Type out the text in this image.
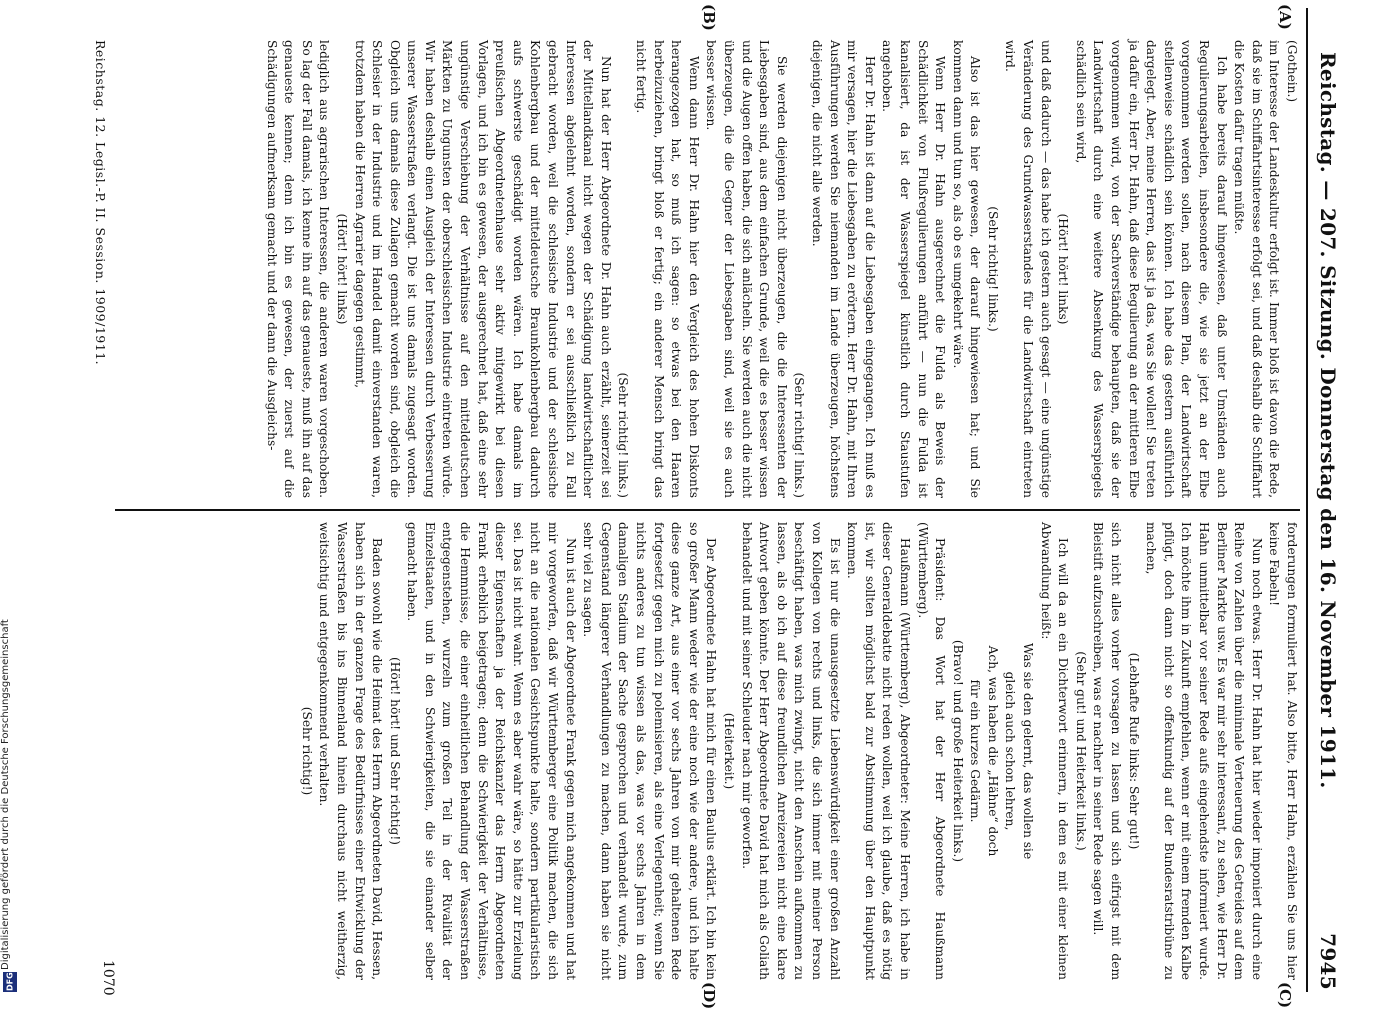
Reichstag. — 207. Sitzung. Donnerstag den 16. November 1911.
7945
(A)
(B)
(C)
(D)

(Gothein.)

im Interesse der Landeskultur erfolgt ist. Immer bloß ist davon die Rede, daß sie im Schiffahrtsinteresse erfolgt sei, und daß deshalb die Schiffahrt die Kosten dafür tragen müßte.

Ich habe bereits darauf hingewiesen, daß unter Umständen auch Regulierungsarbeiten, insbesondere die, wie sie jetzt an der Elbe vorgenommen werden sollen, nach diesem Plan, der Landwirtschaft stellenweise schädlich sein können. Ich habe das gestern ausführlich dargelegt. Aber, meine Herren, das ist ja das, was Sie wollen! Sie treten ja dafür ein, Herr Dr. Hahn, daß diese Regulierung an der mittleren Elbe vorgenommen wird, von der Sachverständige behaupten, daß sie der Landwirtschaft durch eine weitere Absenkung des Wasserspiegels schädlich sein wird,

(Hört! hört! links)

und daß dadurch — das habe ich gestern auch gesagt — eine ungünstige Veränderung des Grundwasserstandes für die Landwirtschaft eintreten wird.

(Sehr richtig! links.)

Also ist das hier gewesen, der darauf hingewiesen hat; und Sie kommen dann und tun so, als ob es umgekehrt wäre.

Wenn Herr Dr. Hahn ausgerechnet die Fulda als Beweis der Schädlichkeit von Flußregulierungen anführt — nun die Fulda ist kanalisiert, da ist der Wasserspiegel künstlich durch Staustufen angehoben.

Herr Dr. Hahn ist dann auf die Liebesgaben eingegangen. Ich muß es mir versagen, hier die Liebesgaben zu erörtern. Herr Dr. Hahn, mit Ihren Ausführungen werden Sie niemanden im Lande überzeugen, höchstens diejenigen, die nicht alle werden.

(Sehr richtig! links.)

Sie werden diejenigen nicht überzeugen, die die Interessenten der Liebesgaben sind, aus dem einfachen Grunde, weil die es besser wissen und die Augen offen haben, die sich anlächeln. Sie werden auch die nicht überzeugen, die die Gegner der Liebesgaben sind, weil sie es auch besser wissen.

Wenn dann Herr Dr. Hahn hier den Vergleich des hohen Diskonts herangezogen hat, so muß ich sagen: so etwas bei den Haaren herbeizuziehen, bringt bloß er fertig; ein anderer Mensch bringt das nicht fertig.

(Sehr richtig! links.)

Nun hat der Herr Abgeordnete Dr. Hahn auch erzählt, seinerzeit sei der Mittellandkanal nicht wegen der Schädigung landwirtschaftlicher Interessen abgelehnt worden, sondern er sei ausschließlich zu Fall gebracht worden, weil die schlesische Industrie und der schlesische Kohlenbergbau und der mitteldeutsche Braunkohlenbergbau dadurch aufs schwerste geschädigt worden wären. Ich habe damals im preußischen Abgeordnetenhause sehr aktiv mitgewirkt bei diesen Vorlagen, und ich bin es gewesen, der ausgerechnet hat, daß eine sehr ungünstige Verschiebung der Verhältnisse auf den mitteldeutschen Märkten zu Ungunsten der oberschlesischen Industrie eintreten würde. Wir haben deshalb einen Ausgleich der Interessen durch Verbesserung unserer Wasserstraßen verlangt. Die ist uns damals zugesagt worden. Obgleich uns damals diese Zulagen gemacht worden sind, obgleich die Schlesier in der Industrie und im Handel damit einverstanden waren, trotzdem haben die Herren Agrarier dagegen gestimmt,

(Hört! hört! links)

lediglich aus agrarischen Interessen, die anderen waren vorgeschoben. So lag der Fall damals, ich kenne ihn auf das genaueste, muß ihn auf das genaueste kennen; denn ich bin es gewesen, der zuerst auf die Schädigungen aufmerksam gemacht und der dann die Ausgleichs-

forderungen formuliert hat. Also bitte, Herr Hahn, erzählen Sie uns hier keine Fabeln!

Nun noch etwas. Herr Dr. Hahn hat hier wieder imponiert durch eine Reihe von Zahlen über die minimale Verteuerung des Getreides auf dem Berliner Markte usw. Es war mir sehr interessant, zu sehen, wie Herr Dr. Hahn unmittelbar vor seiner Rede aufs eingehendste informiert wurde. Ich möchte ihm in Zukunft empfehlen, wenn er mit einem fremden Kalbe pflügt, doch dann nicht so offenkundig auf der Bundesratstribüne zu machen,

(Lebhafte Rufe links: Sehr gut!)

sich nicht alles vorher vorsagen zu lassen und sich eifrigst mit dem Bleistift aufzuschreiben, was er nachher in seiner Rede sagen will.

(Sehr gut! und Heiterkeit links.)

Ich will da an ein Dichterwort erinnern, in dem es mit einer kleinen Abwandlung heißt:

Was sie den gelernt, das wollen sie

gleich auch schon lehren,

Ach, was haben die „Hähne“ doch

für ein kurzes Gedärm.

(Bravo! und große Heiterkeit links.)

Präsident: Das Wort hat der Herr Abgeordnete Haußmann (Württemberg).

Haußmann (Württemberg), Abgeordneter: Meine Herren, ich habe in dieser Generaldebatte nicht reden wollen, weil ich glaube, daß es nötig ist, wir sollten möglichst bald zur Abstimmung über den Hauptpunkt kommen.

Es ist nur die unausgesetzte Liebenswürdigkeit einer großen Anzahl von Kollegen von rechts und links, die sich immer mit meiner Person beschäftigt haben, was mich zwingt, nicht den Anschein aufkommen zu lassen, als ob ich auf diese freundlichen Anreizereien nicht eine klare Antwort geben könnte. Der Herr Abgeordnete David hat mich als Goliath behandelt und mit seiner Schleuder nach mir geworfen.

(Heiterkeit.)

Der Abgeordnete Hahn hat mich für einen Baulus erklärt. Ich bin kein so großer Mann weder wie der eine noch wie der andere, und ich halte diese ganze Art, aus einer vor sechs Jahren von mir gehaltenen Rede fortgesetzt gegen mich zu polemisieren, als eine Verlegenheit; wenn Sie nichts anderes zu tun wissen als das, was vor sechs Jahren in dem damaligen Stadium der Sache gesprochen und verhandelt wurde, zum Gegenstand längerer Verhandlungen zu machen, dann haben sie nicht sehr viel zu sagen.

Nun ist auch der Abgeordnete Frank gegen mich angekommen und hat mir vorgeworfen, daß wir Württemberger eine Politik machen, die sich nicht an die nationalen Gesichtspunkte halte, sondern partikularistisch sei. Das ist nicht wahr. Wenn es aber wahr wäre, so hätte zur Erzielung dieser Eigenschaften ja der Reichskanzler das Herrn Abgeordneten Frank erheblich beigetragen; denn die Schwierigkeit der Verhältnisse, die Hemmnisse, die einer einheitlichen Behandlung der Wasserstraßen entgegenstehen, wurzeln zum großen Teil in der Rivalität der Einzelstaaten, und in den Schwierigkeiten, die sie einander selber gemacht haben.

(Hört! hört! und Sehr richtig!)

Baden sowohl wie die Heimat des Herrn Abgeordneten David, Hessen, haben sich in der ganzen Frage des Bedürfnisses einer Entwicklung der Wasserstraßen bis ins Binnenland hinein durchaus nicht weitherzig, weitsichtig und entgegenkommend verhalten.

(Sehr richtig!)

Reichstag. 12. Legisl.-P. II. Session. 1909/1911.
1070
Digitalisierung gefördert durch die Deutsche Forschungsgemeinschaft
DFG
